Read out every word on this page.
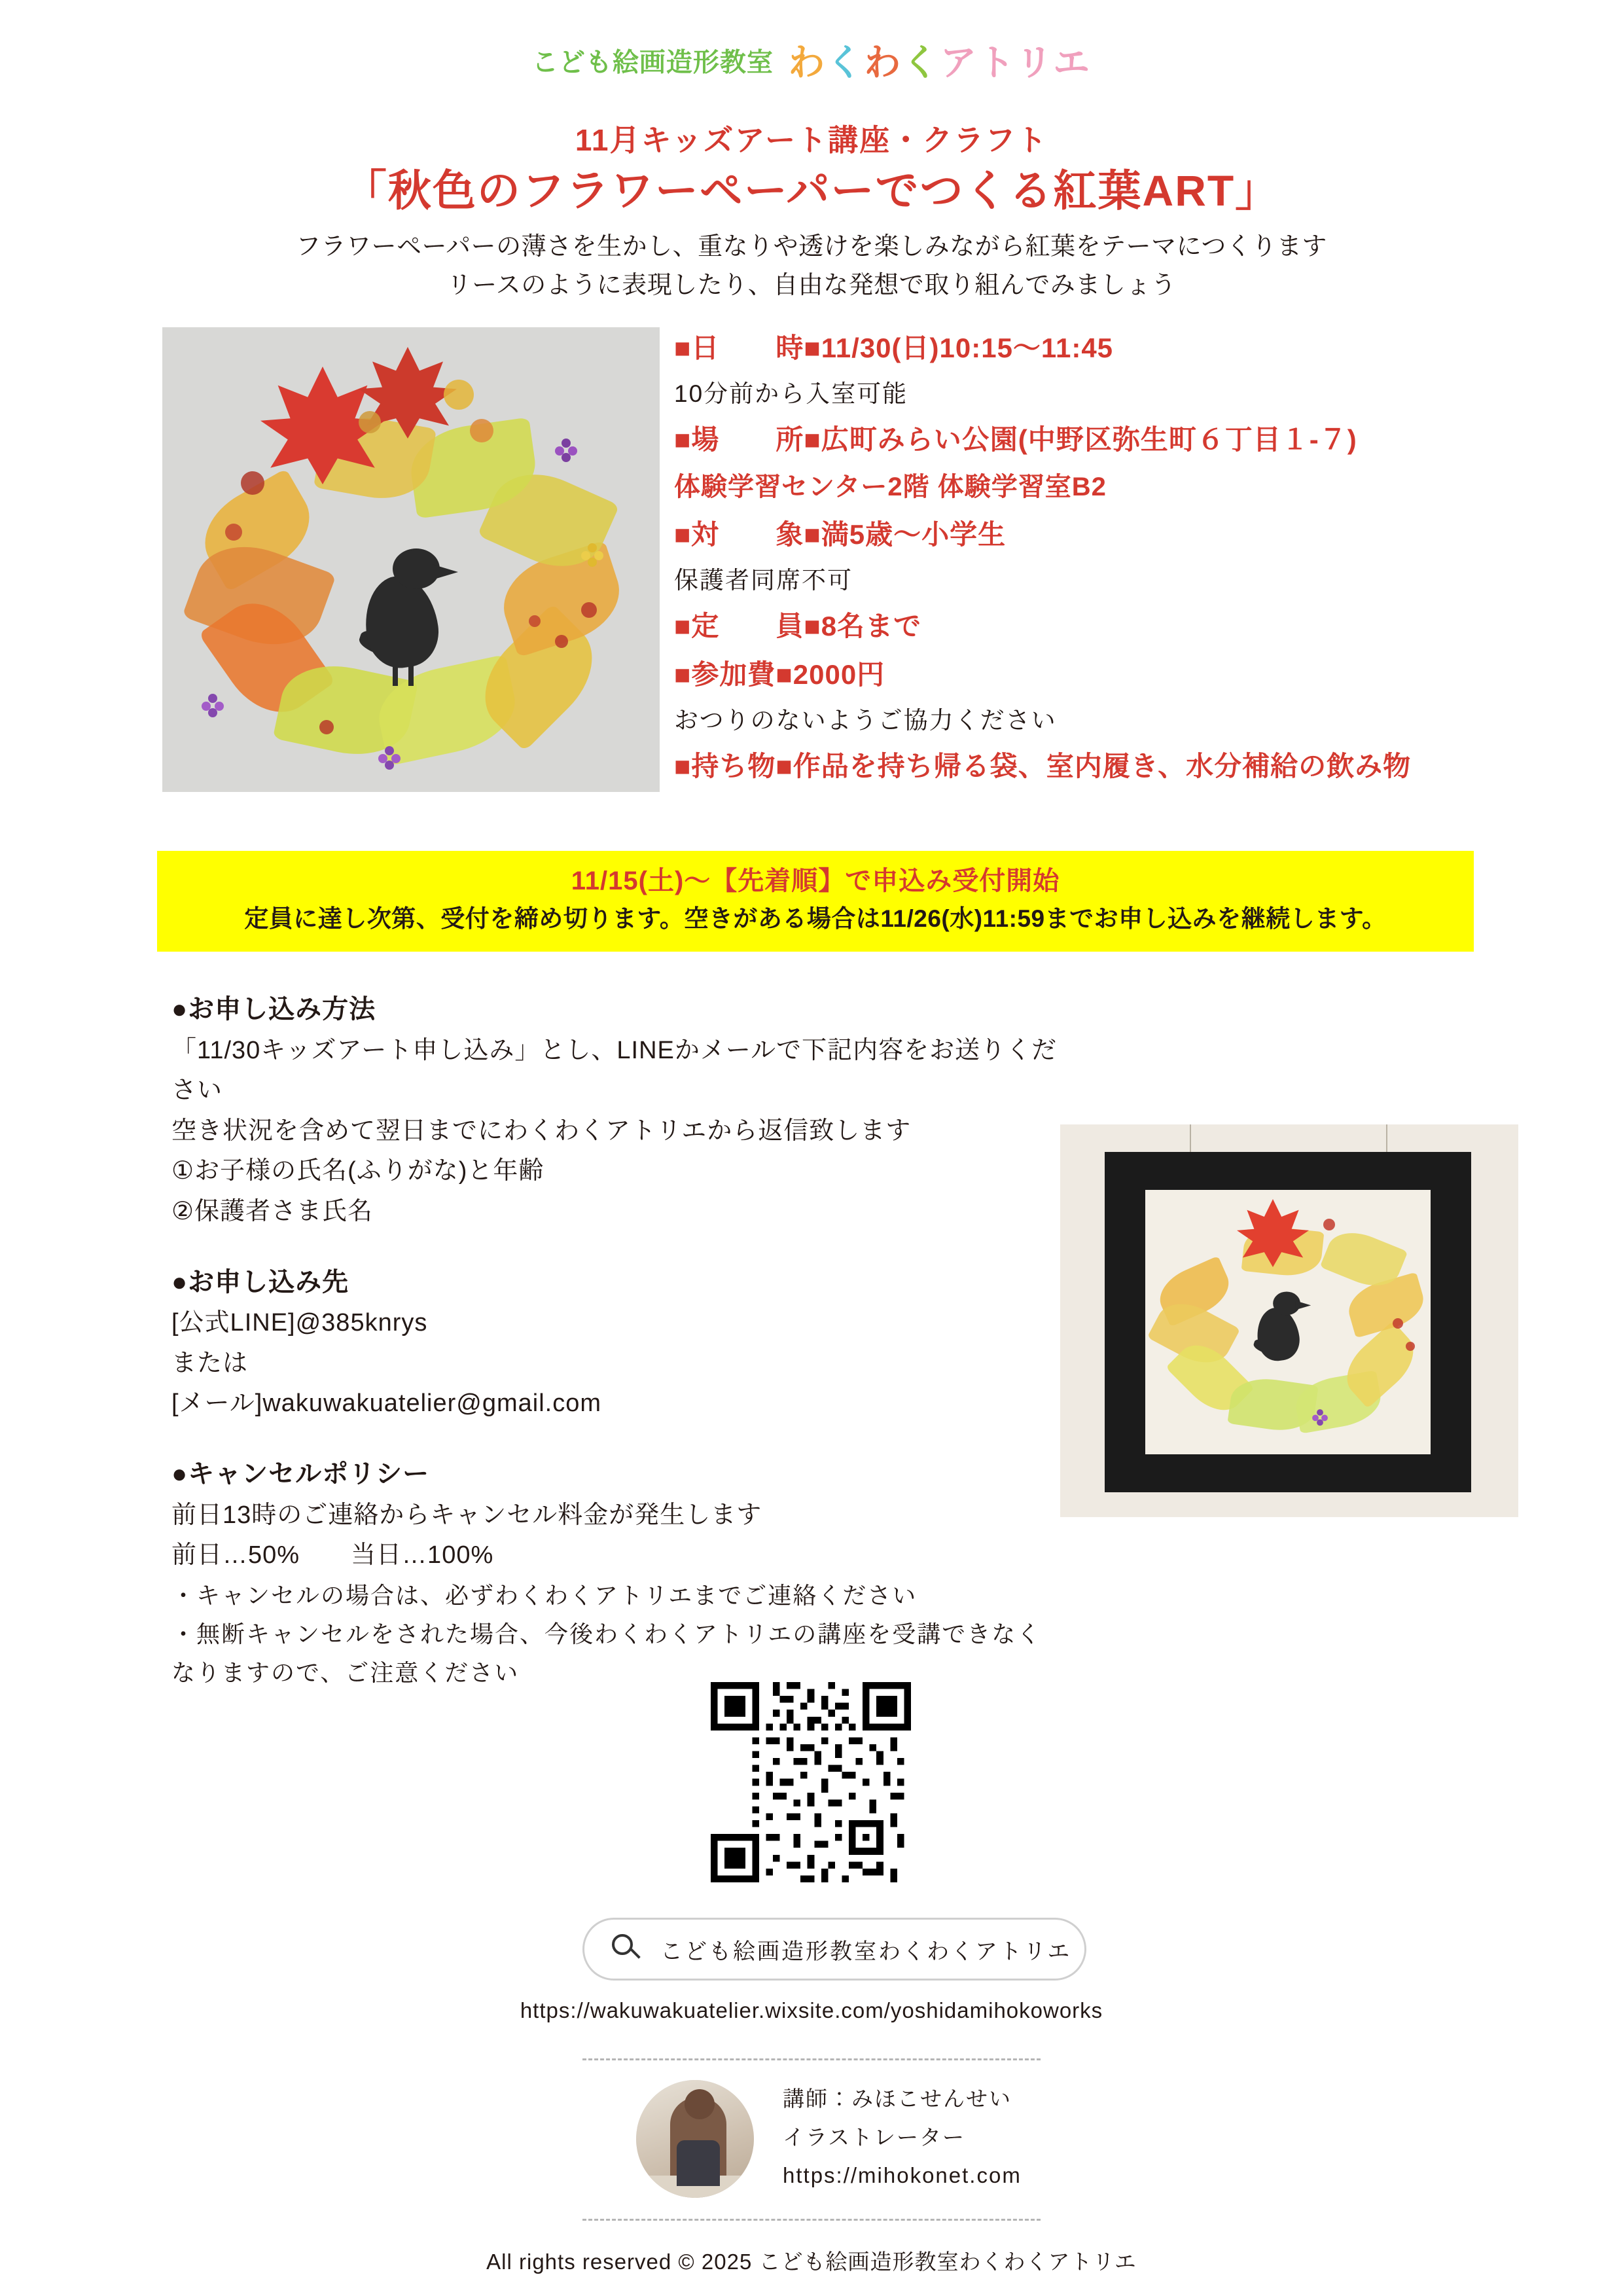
こども絵画造形教室 わくわくアトリエ
11月キッズアート講座・クラフト
「秋色のフラワーペーパーでつくる紅葉ART」
フラワーペーパーの薄さを生かし、重なりや透けを楽しみながら紅葉をテーマにつくります
リースのように表現したり、自由な発想で取り組んでみましょう
■日　　時■11/30(日)10:15〜11:45
10分前から入室可能
■場　　所■広町みらい公園(中野区弥生町６丁目１-７)
体験学習センター2階 体験学習室B2
■対　　象■満5歳〜小学生
保護者同席不可
■定　　員■8名まで
■参加費■2000円
おつりのないようご協力ください
■持ち物■作品を持ち帰る袋、室内履き、水分補給の飲み物
11/15(土)〜【先着順】で申込み受付開始
定員に達し次第、受付を締め切ります。空きがある場合は11/26(水)11:59までお申し込みを継続します。
●お申し込み方法
「11/30キッズアート申し込み」とし、LINEかメールで下記内容をお送りください
空き状況を含めて翌日までにわくわくアトリエから返信致します
①お子様の氏名(ふりがな)と年齢
②保護者さま氏名
●お申し込み先
[公式LINE]@385knrys
または
[メール]wakuwakuatelier@gmail.com
●キャンセルポリシー
前日13時のご連絡からキャンセル料金が発生します
前日…50%　　当日…100%
・キャンセルの場合は、必ずわくわくアトリエまでご連絡ください
・無断キャンセルをされた場合、今後わくわくアトリエの講座を受講できなくなりますので、ご注意ください
こども絵画造形教室わくわくアトリエ
https://wakuwakuatelier.wixsite.com/yoshidamihokoworks
講師：みほこせんせい
イラストレーター
https://mihokonet.com
All rights reserved © 2025 こども絵画造形教室わくわくアトリエ
